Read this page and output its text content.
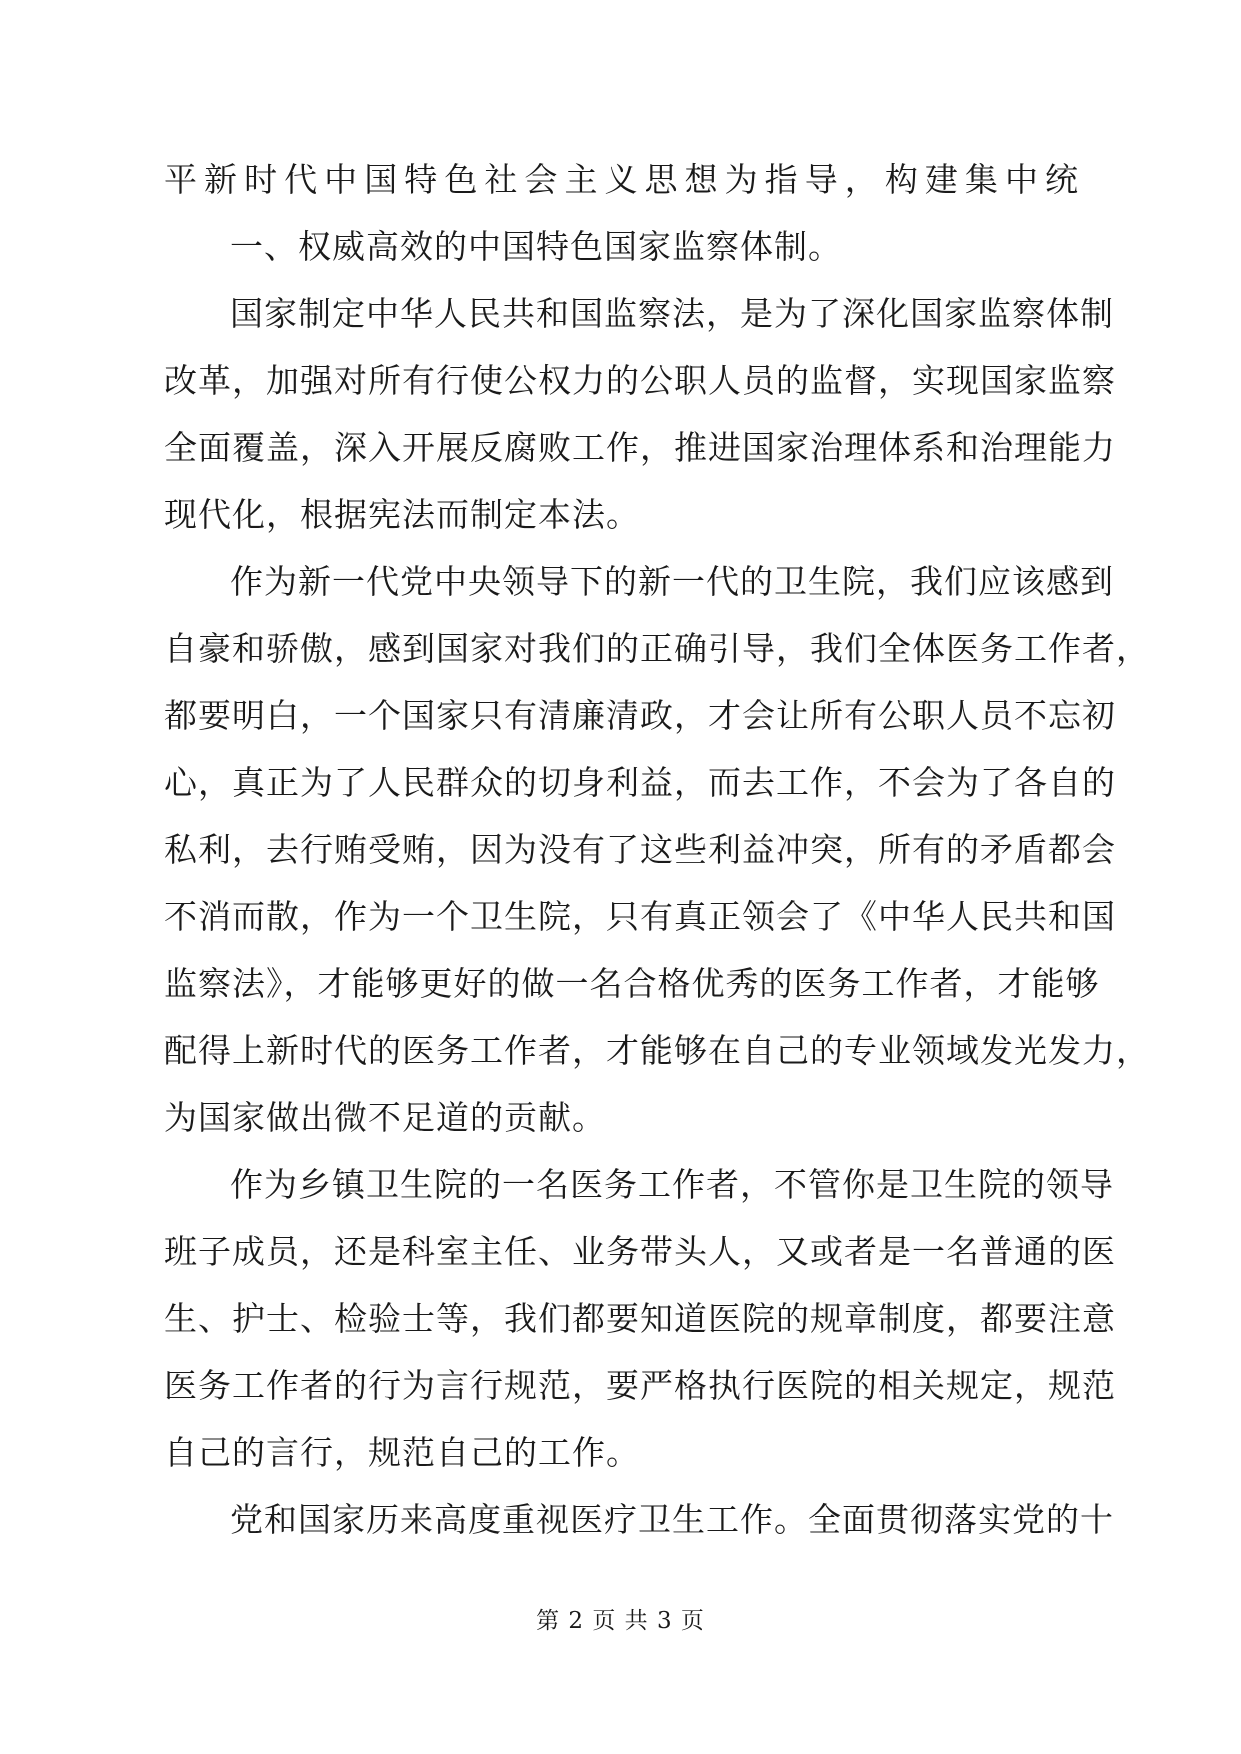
平新时代中国特色社会主义思想为指导，构建集中统
一、权威高效的中国特色国家监察体制。
国家制定中华人民共和国监察法，是为了深化国家监察体制
改革，加强对所有行使公权力的公职人员的监督，实现国家监察
全面覆盖，深入开展反腐败工作，推进国家治理体系和治理能力
现代化，根据宪法而制定本法。
作为新一代党中央领导下的新一代的卫生院，我们应该感到
自豪和骄傲，感到国家对我们的正确引导，我们全体医务工作者，
都要明白，一个国家只有清廉清政，才会让所有公职人员不忘初
心，真正为了人民群众的切身利益，而去工作，不会为了各自的
私利，去行贿受贿，因为没有了这些利益冲突，所有的矛盾都会
不消而散，作为一个卫生院，只有真正领会了《中华人民共和国
监察法》，才能够更好的做一名合格优秀的医务工作者，才能够
配得上新时代的医务工作者，才能够在自己的专业领域发光发力，
为国家做出微不足道的贡献。
作为乡镇卫生院的一名医务工作者，不管你是卫生院的领导
班子成员，还是科室主任、业务带头人，又或者是一名普通的医
生、护士、检验士等，我们都要知道医院的规章制度，都要注意
医务工作者的行为言行规范，要严格执行医院的相关规定，规范
自己的言行，规范自己的工作。
党和国家历来高度重视医疗卫生工作。全面贯彻落实党的十
第 2 页 共 3 页
